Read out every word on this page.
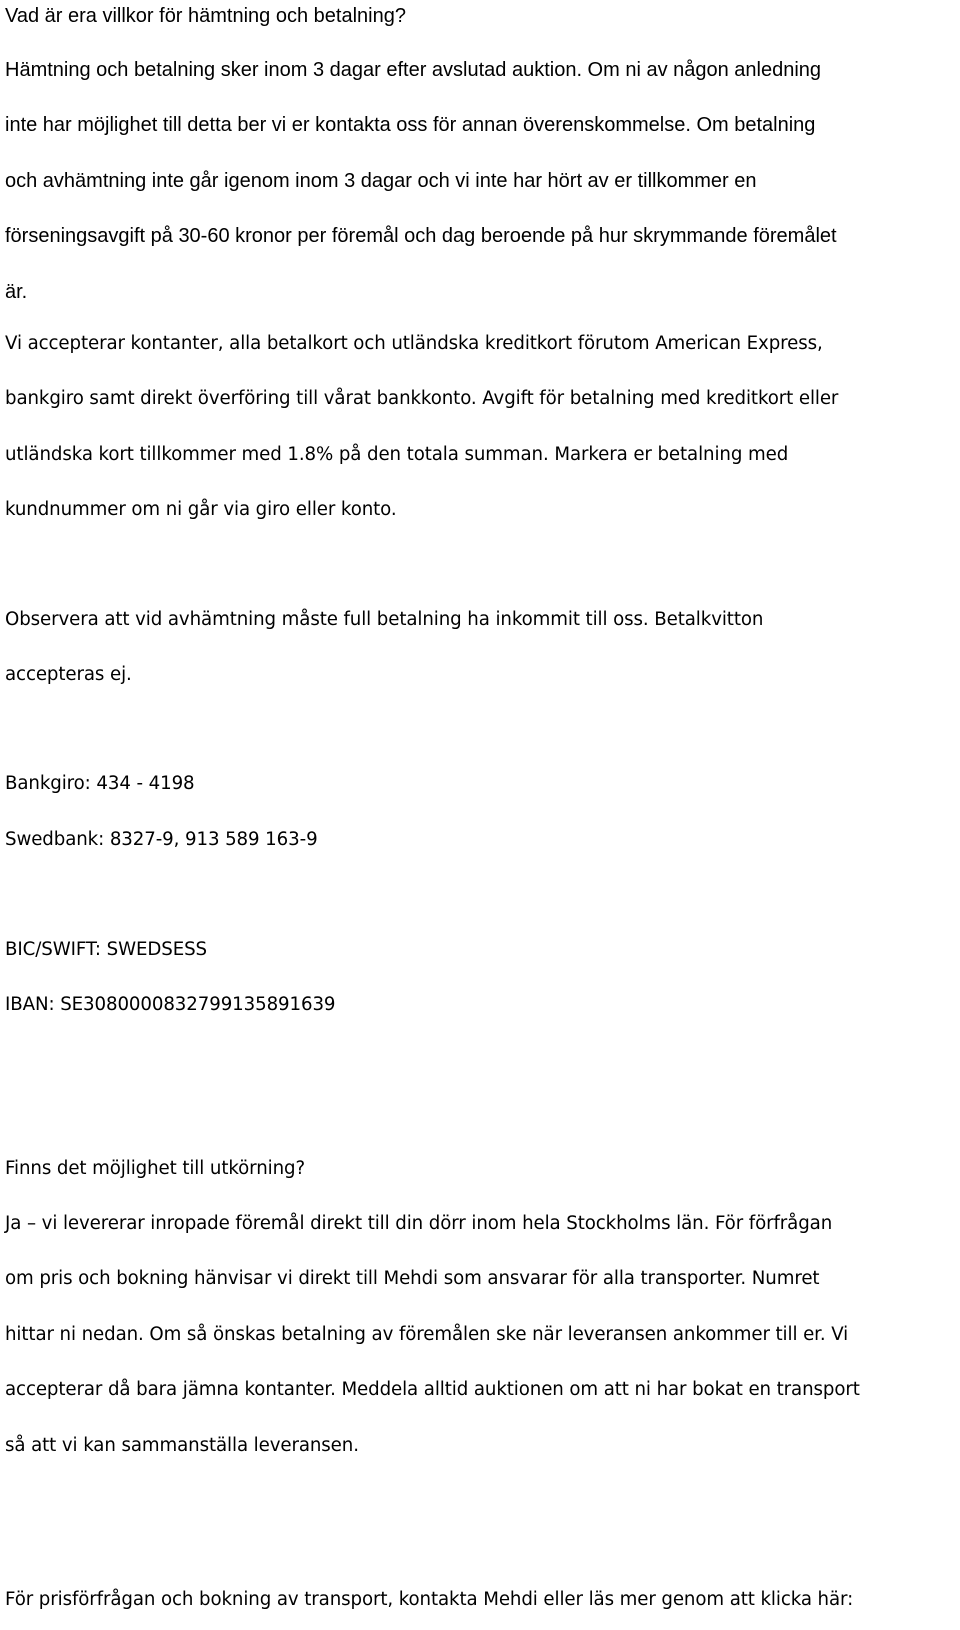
Vad är era villkor för hämtning och betalning?
Hämtning och betalning sker inom 3 dagar efter avslutad auktion. Om ni av någon anledning
inte har möjlighet till detta ber vi er kontakta oss för annan överenskommelse. Om betalning
och avhämtning inte går igenom inom 3 dagar och vi inte har hört av er tillkommer en
förseningsavgift på 30-60 kronor per föremål och dag beroende på hur skrymmande föremålet
är.
Vi accepterar kontanter, alla betalkort och utländska kreditkort förutom American Express,
bankgiro samt direkt överföring till vårat bankkonto. Avgift för betalning med kreditkort eller
utländska kort tillkommer med 1.8% på den totala summan. Markera er betalning med
kundnummer om ni går via giro eller konto.
Observera att vid avhämtning måste full betalning ha inkommit till oss. Betalkvitton
accepteras ej.
Bankgiro: 434 - 4198
Swedbank: 8327-9, 913 589 163-9
BIC/SWIFT: SWEDSESS
IBAN: SE3080000832799135891639
Finns det möjlighet till utkörning?
Ja – vi levererar inropade föremål direkt till din dörr inom hela Stockholms län. För förfrågan
om pris och bokning hänvisar vi direkt till Mehdi som ansvarar för alla transporter. Numret
hittar ni nedan. Om så önskas betalning av föremålen ske när leveransen ankommer till er. Vi
accepterar då bara jämna kontanter. Meddela alltid auktionen om att ni har bokat en transport
så att vi kan sammanställa leveransen.
För prisförfrågan och bokning av transport, kontakta Mehdi eller läs mer genom att klicka här:
